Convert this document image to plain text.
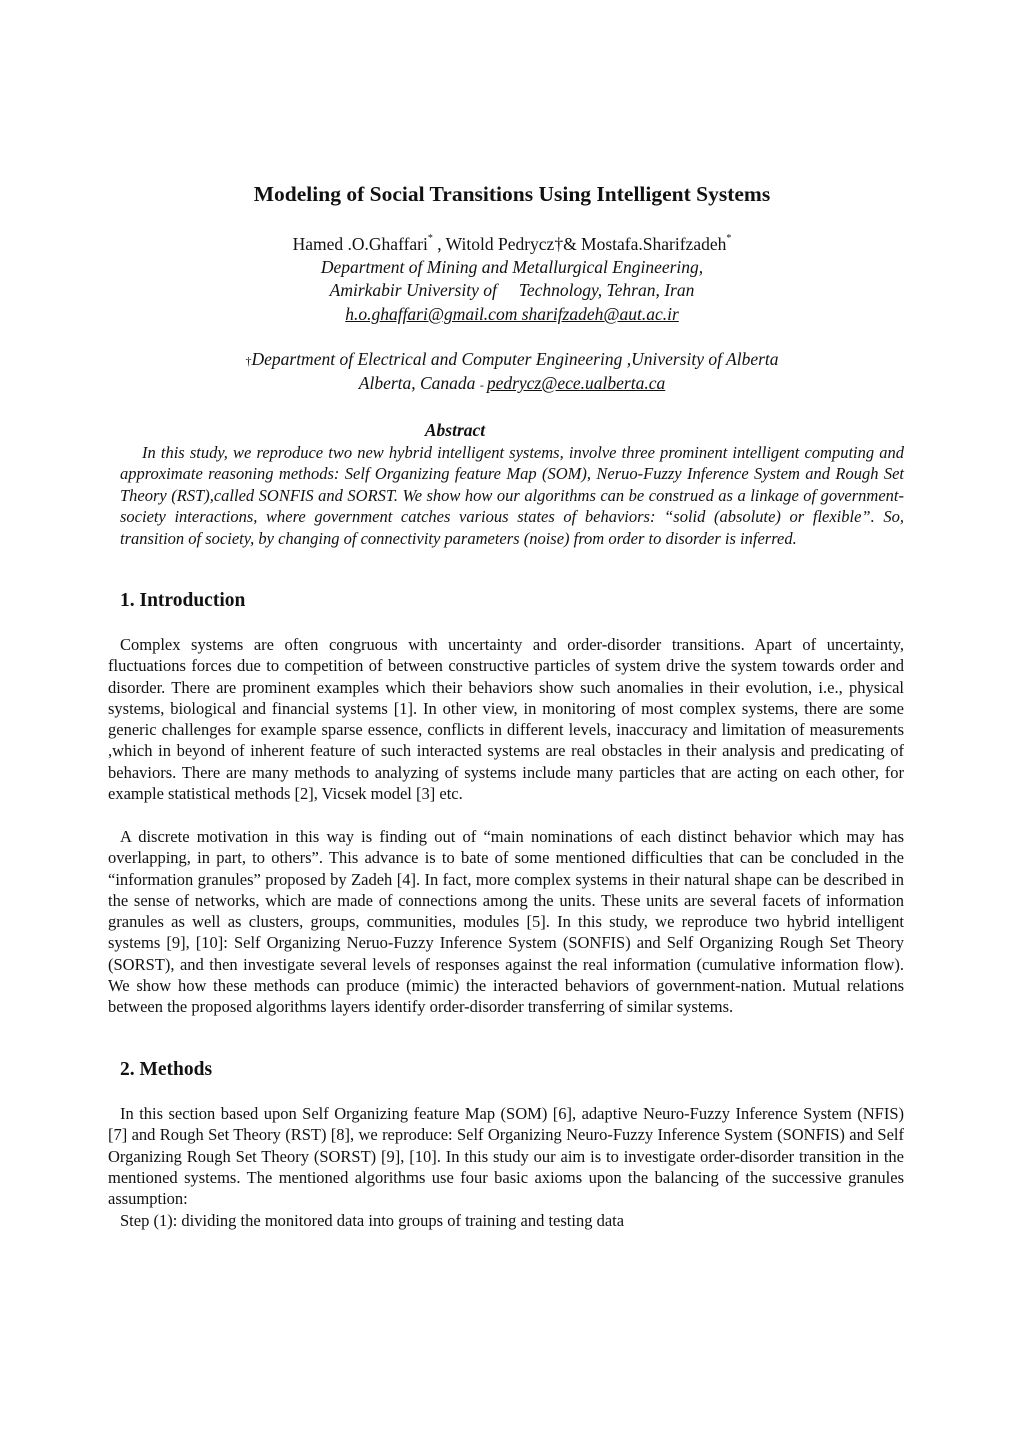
Modeling of Social Transitions Using Intelligent Systems
Hamed .O.Ghaffari* , Witold Pedrycz†& Mostafa.Sharifzadeh*
Department of Mining and Metallurgical Engineering,
Amirkabir University of     Technology, Tehran, Iran
h.o.ghaffari@gmail.com sharifzadeh@aut.ac.ir
†Department of Electrical and Computer Engineering ,University of Alberta
Alberta, Canada - pedrycz@ece.ualberta.ca
Abstract
In this study, we reproduce two new hybrid intelligent systems, involve three prominent intelligent computing and approximate reasoning methods: Self Organizing feature Map (SOM), Neruo-Fuzzy Inference System and Rough Set Theory (RST),called SONFIS and SORST. We show how our algorithms can be construed as a linkage of government-society interactions, where government catches various states of behaviors: “solid (absolute) or flexible”. So, transition of society, by changing of connectivity parameters (noise) from order to disorder is inferred.
1. Introduction
Complex systems are often congruous with uncertainty and order-disorder transitions. Apart of uncertainty, fluctuations forces due to competition of between constructive particles of system drive the system towards order and disorder. There are prominent examples which their behaviors show such anomalies in their evolution, i.e., physical systems, biological and financial systems [1]. In other view, in monitoring of most complex systems, there are some generic challenges for example sparse essence, conflicts in different levels, inaccuracy and limitation of measurements ,which in beyond of inherent feature of such interacted systems are real obstacles in their analysis and predicating of behaviors. There are many methods to analyzing of systems include many particles that are acting on each other, for example statistical methods [2], Vicsek model [3] etc.
A discrete motivation in this way is finding out of “main nominations of each distinct behavior which may has overlapping, in part, to others”. This advance is to bate of some mentioned difficulties that can be concluded in the “information granules” proposed by Zadeh [4]. In fact, more complex systems in their natural shape can be described in the sense of networks, which are made of connections among the units. These units are several facets of information granules as well as clusters, groups, communities, modules [5]. In this study, we reproduce two hybrid intelligent systems [9], [10]: Self Organizing Neruo-Fuzzy Inference System (SONFIS) and Self Organizing Rough Set Theory (SORST), and then investigate several levels of responses against the real information (cumulative information flow). We show how these methods can produce (mimic) the interacted behaviors of government-nation. Mutual relations between the proposed algorithms layers identify order-disorder transferring of similar systems.
2. Methods
In this section based upon Self Organizing feature Map (SOM) [6], adaptive Neuro-Fuzzy Inference System (NFIS) [7] and Rough Set Theory (RST) [8], we reproduce: Self Organizing Neuro-Fuzzy Inference System (SONFIS) and Self Organizing Rough Set Theory (SORST) [9], [10]. In this study our aim is to investigate order-disorder transition in the mentioned systems. The mentioned algorithms use four basic axioms upon the balancing of the successive granules assumption:
Step (1): dividing the monitored data into groups of training and testing data
